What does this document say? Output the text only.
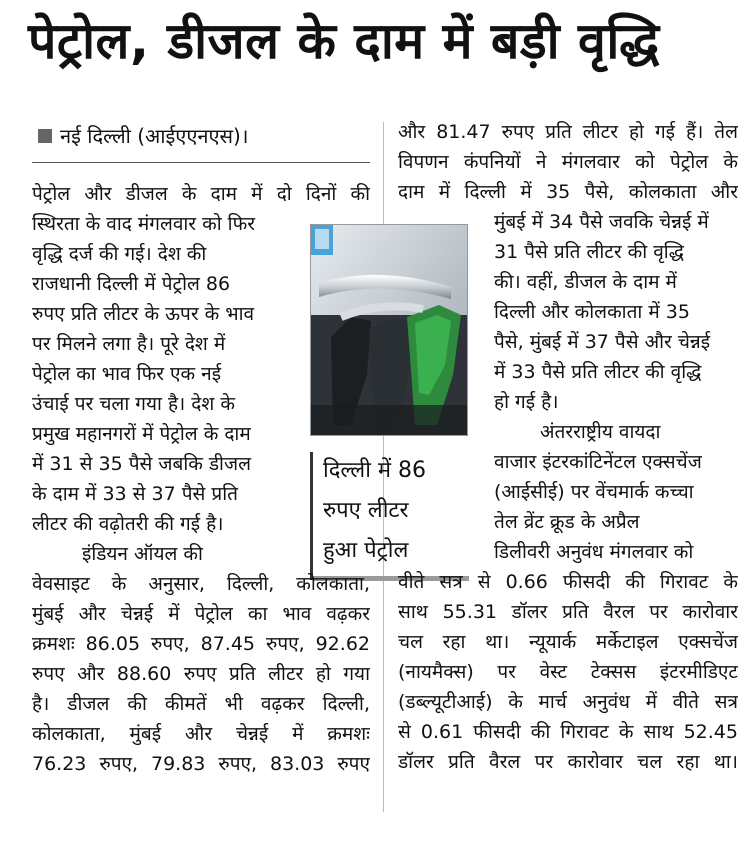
पेट्रोल, डीजल के दाम में बड़ी वृद्धि
नई दिल्ली (आईएएनएस)।
दिल्ली में 86
रुपए लीटर
हुआ पेट्रोल
पेट्रोल और डीजल के दाम में दो दिनों की
स्थिरता के वाद मंगलवार को फिर
वृद्धि दर्ज की गई। देश की
राजधानी दिल्ली में पेट्रोल 86
रुपए प्रति लीटर के ऊपर के भाव
पर मिलने लगा है। पूरे देश में
पेट्रोल का भाव फिर एक नई
उंचाई पर चला गया है। देश के
प्रमुख महानगरों में पेट्रोल के दाम
में 31 से 35 पैसे जबकि डीजल
के दाम में 33 से 37 पैसे प्रति
लीटर की वढ़ोतरी की गई है।
इंडियन ऑयल की
वेवसाइट के अनुसार, दिल्ली, कोलकाता,
मुंबई और चेन्नई में पेट्रोल का भाव वढ़कर
क्रमशः 86.05 रुपए, 87.45 रुपए, 92.62
रुपए और 88.60 रुपए प्रति लीटर हो गया
है। डीजल की कीमतें भी वढ़कर दिल्ली,
कोलकाता, मुंबई और चेन्नई में क्रमशः
76.23 रुपए, 79.83 रुपए, 83.03 रुपए
और 81.47 रुपए प्रति लीटर हो गई हैं। तेल
विपणन कंपनियों ने मंगलवार को पेट्रोल के
दाम में दिल्ली में 35 पैसे, कोलकाता और
मुंबई में 34 पैसे जवकि चेन्नई में
31 पैसे प्रति लीटर की वृद्धि
की। वहीं, डीजल के दाम में
दिल्ली और कोलकाता में 35
पैसे, मुंबई में 37 पैसे और चेन्नई
में 33 पैसे प्रति लीटर की वृद्धि
हो गई है।
अंतरराष्ट्रीय वायदा
वाजार इंटरकांटिनेंटल एक्सचेंज
(आईसीई) पर वेंचमार्क कच्चा
तेल व्रेंट क्रूड के अप्रैल
डिलीवरी अनुवंध मंगलवार को
वीते सत्र से 0.66 फीसदी की गिरावट के
साथ 55.31 डॉलर प्रति वैरल पर कारोवार
चल रहा था। न्यूयार्क मर्केटाइल एक्सचेंज
(नायमैक्स) पर वेस्ट टेक्सस इंटरमीडिएट
(डब्ल्यूटीआई) के मार्च अनुवंध में वीते सत्र
से 0.61 फीसदी की गिरावट के साथ 52.45
डॉलर प्रति वैरल पर कारोवार चल रहा था।
